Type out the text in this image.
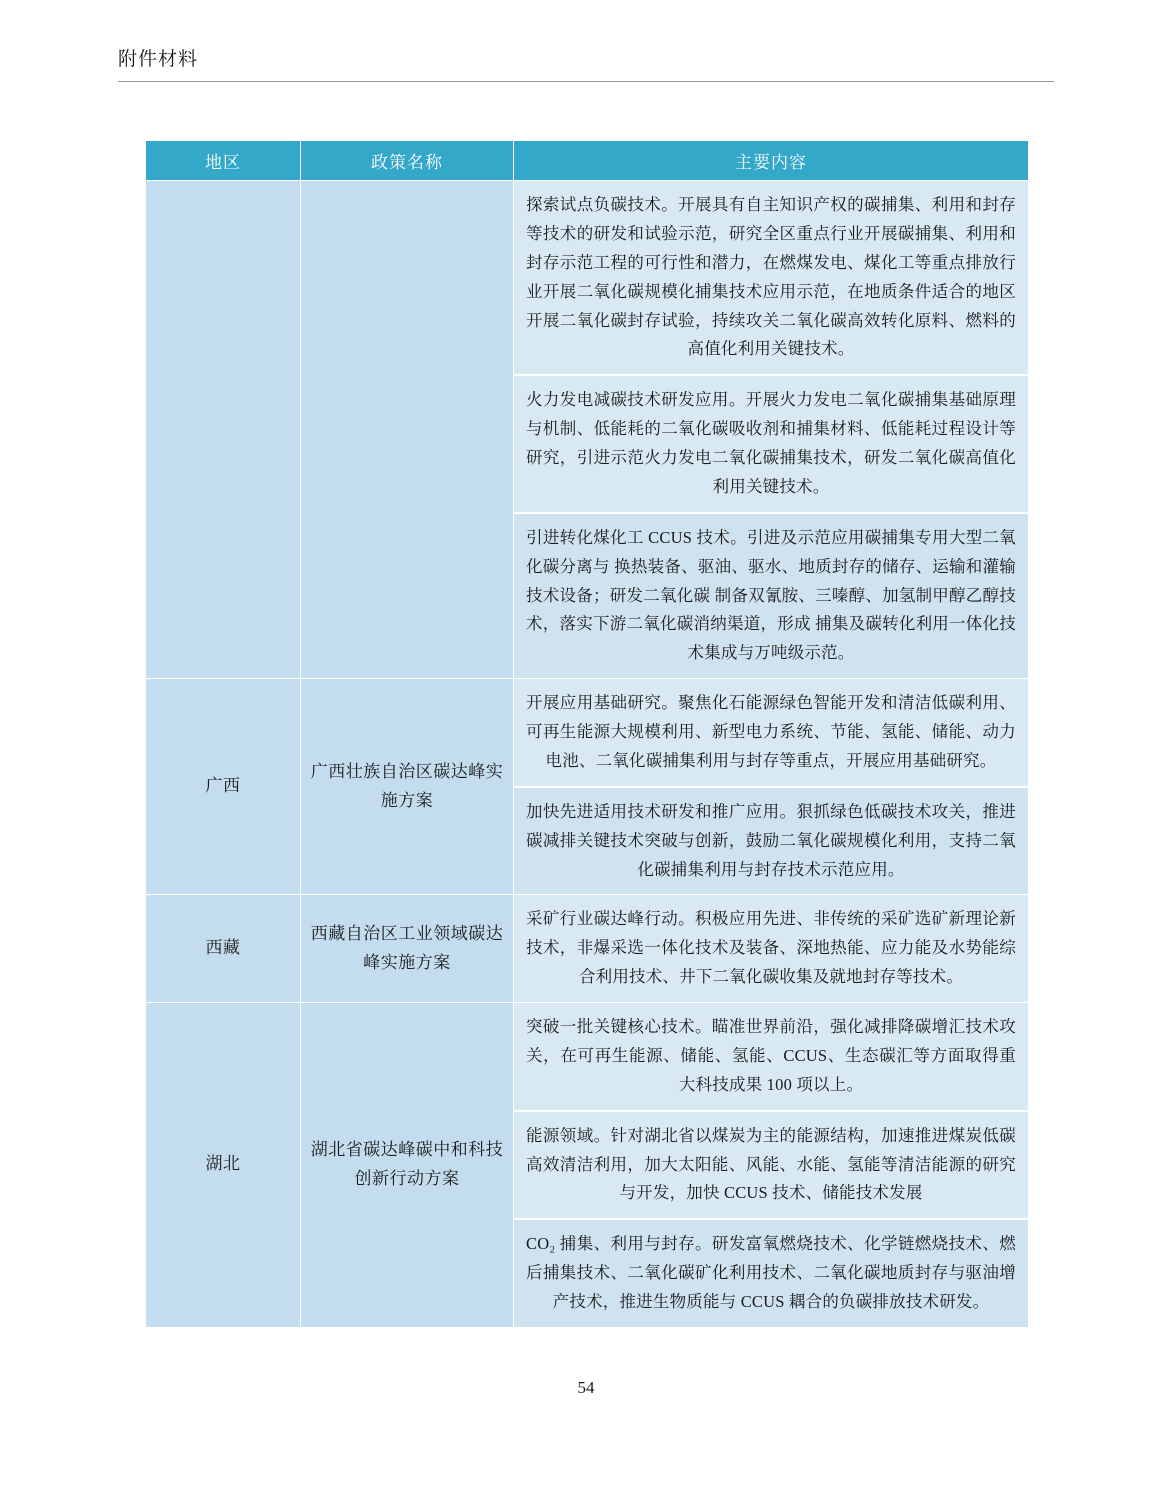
附件材料
地区	政策名称	主要内容

		探索试点负碳技术。开展具有自主知识产权的碳捕集、利用和封存等技术的研发和试验示范，研究全区重点行业开展碳捕集、利用和封存示范工程的可行性和潜力，在燃煤发电、煤化工等重点排放行业开展二氧化碳规模化捕集技术应用示范，在地质条件适合的地区开展二氧化碳封存试验，持续攻关二氧化碳高效转化原料、燃料的高值化利用关键技术。
火力发电减碳技术研发应用。开展火力发电二氧化碳捕集基础原理与机制、低能耗的二氧化碳吸收剂和捕集材料、低能耗过程设计等研究，引进示范火力发电二氧化碳捕集技术，研发二氧化碳高值化利用关键技术。
引进转化煤化工 CCUS 技术。引进及示范应用碳捕集专用大型二氧化碳分离与 换热装备、驱油、驱水、地质封存的储存、运输和灌输技术设备；研发二氧化碳 制备双氰胺、三嗪醇、加氢制甲醇乙醇技术，落实下游二氧化碳消纳渠道，形成 捕集及碳转化利用一体化技术集成与万吨级示范。

广西	广西壮族自治区碳达峰实施方案	开展应用基础研究。聚焦化石能源绿色智能开发和清洁低碳利用、可再生能源大规模利用、新型电力系统、节能、氢能、储能、动力电池、二氧化碳捕集利用与封存等重点，开展应用基础研究。
加快先进适用技术研发和推广应用。狠抓绿色低碳技术攻关，推进碳减排关键技术突破与创新，鼓励二氧化碳规模化利用，支持二氧化碳捕集利用与封存技术示范应用。

西藏	西藏自治区工业领域碳达峰实施方案	采矿行业碳达峰行动。积极应用先进、非传统的采矿选矿新理论新技术，非爆采选一体化技术及装备、深地热能、应力能及水势能综合利用技术、井下二氧化碳收集及就地封存等技术。

湖北	湖北省碳达峰碳中和科技创新行动方案	突破一批关键核心技术。瞄准世界前沿，强化减排降碳增汇技术攻关，在可再生能源、储能、氢能、CCUS、生态碳汇等方面取得重大科技成果 100 项以上。
能源领域。针对湖北省以煤炭为主的能源结构，加速推进煤炭低碳高效清洁利用，加大太阳能、风能、水能、氢能等清洁能源的研究与开发，加快 CCUS 技术、储能技术发展
CO₂ 捕集、利用与封存。研发富氧燃烧技术、化学链燃烧技术、燃后捕集技术、二氧化碳矿化利用技术、二氧化碳地质封存与驱油增产技术，推进生物质能与 CCUS 耦合的负碳排放技术研发。
54
